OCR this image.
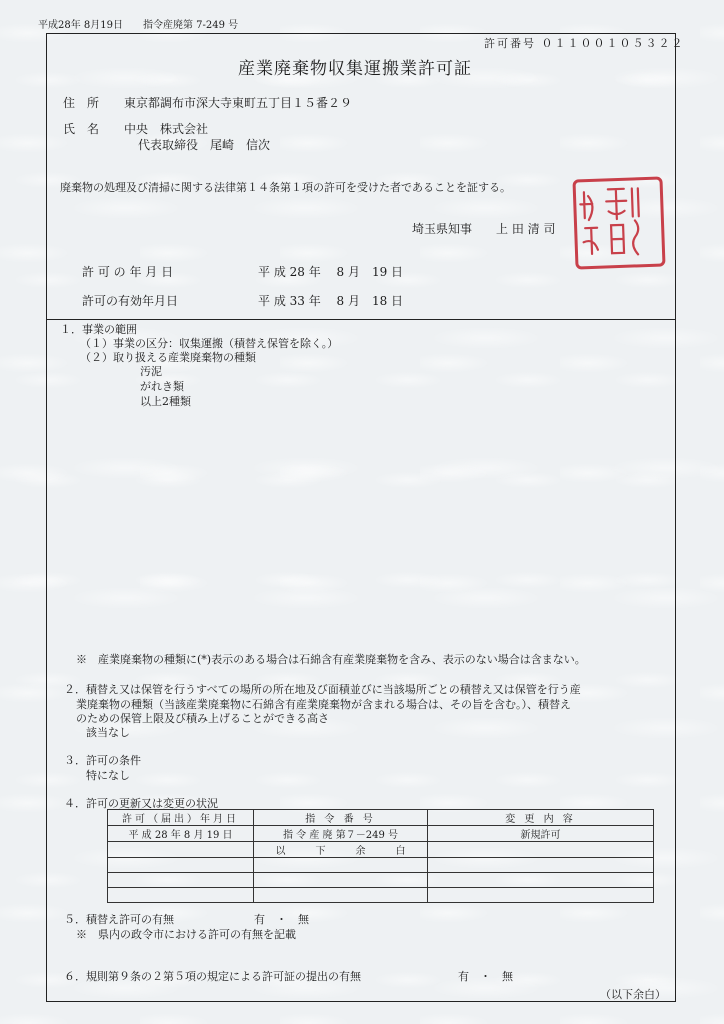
平成28年 8月19日　　指令産廃第 7-249 号
許可番号 ０１１００１０５３２２
産業廃棄物収集運搬業許可証
住　所 東京都調布市深大寺東町五丁目１５番２９
氏　名 中央　株式会社
代表取締役　尾崎　信次
廃棄物の処理及び清掃に関する法律第１４条第１項の許可を受けた者であることを証する。
埼玉県知事　　上 田 清 司
許 可 の 年 月 日	平 成 28 年　 8 月　19 日
許可の有効年月日	平 成 33 年　 8 月　18 日
１．事業の範囲
（１）事業の区分：収集運搬（積替え保管を除く。）
（２）取り扱える産業廃棄物の種類
汚泥
がれき類
以上2種類
※　産業廃棄物の種類に(*)表示のある場合は石綿含有産業廃棄物を含み、表示のない場合は含まない。
２．積替え又は保管を行うすべての場所の所在地及び面積並びに当該場所ごとの積替え又は保管を行う産
業廃棄物の種類（当該産業廃棄物に石綿含有産業廃棄物が含まれる場合は、その旨を含む。）、積替え
のための保管上限及び積み上げることができる高さ
該当なし
３．許可の条件
特になし
４．許可の更新又は変更の状況
許可（届出）年月日	指 令 番 号	変 更 内 容
平 成 28 年 8 月 19 日	指 令 産 廃 第７－249 号	新規許可
	以　　　下　　　余　　　白	

５．積替え許可の有無	有　・　無
※　県内の政令市における許可の有無を記載
６．規則第９条の２第５項の規定による許可証の提出の有無	有　・　無
（以下余白）
